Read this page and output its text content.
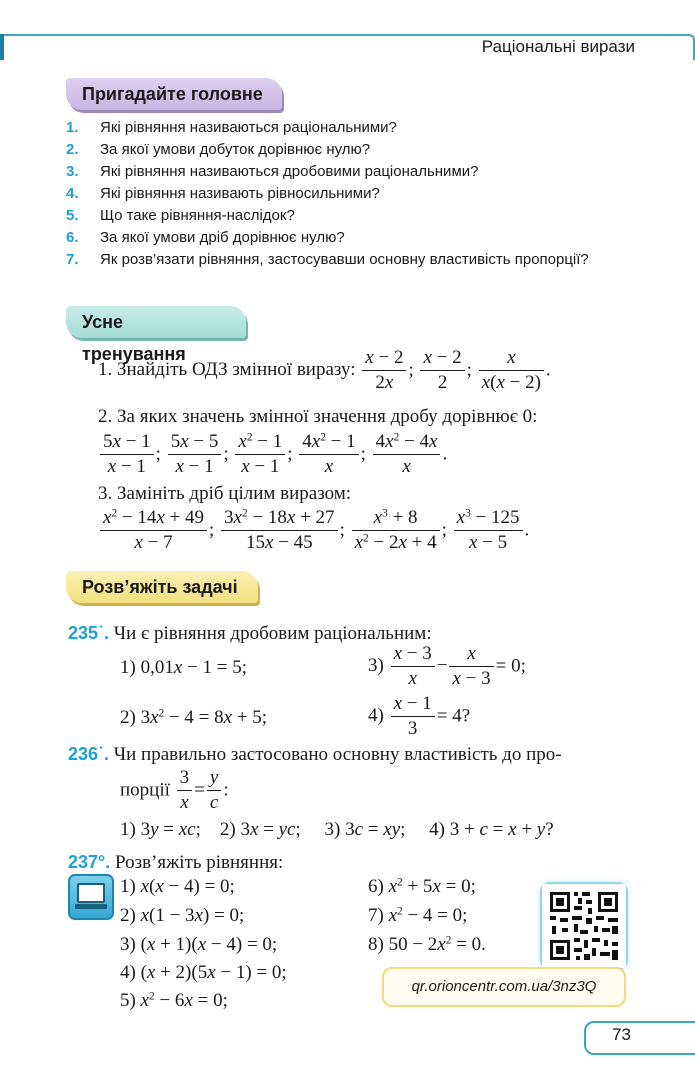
Раціональні вирази
Пригадайте головне
1. Які рівняння називаються раціональними?
2. За якої умови добуток дорівнює нулю?
3. Які рівняння називаються дробовими раціональними?
4. Які рівняння називають рівносильними?
5. Що таке рівняння-наслідок?
6. За якої умови дріб дорівнює нулю?
7. Як розв’язати рівняння, застосувавши основну властивість пропорції?
Усне тренування
1. Знайдіть ОДЗ змінної виразу: $\frac{x - 2}{2x}$ ; $\frac{x - 2}{2}$ ; $\frac{x}{x(x - 2)}$ .
2. За яких значень змінної значення дробу дорівнює 0:
$\frac{5x - 1}{x - 1}$ ; $\frac{5x - 5}{x - 1}$ ; $\frac{x^2 - 1}{x - 1}$ ; $\frac{4x^2 - 1}{x}$ ; $\frac{4x^2 - 4x}{x}$ .
3. Замініть дріб цілим виразом:
$\frac{x^2 - 14x + 49}{x - 7}$ ; $\frac{3x^2 - 18x + 27}{15x - 45}$ ; $\frac{x^3 + 8}{x^2 - 2x + 4}$ ; $\frac{x^3 - 125}{x - 5}$ .
Розв’яжіть задачі
235˙. Чи є рівняння дробовим раціональним:
1) 0,01x − 1 = 5;	$3) \frac{x - 3}{x} - \frac{x}{x - 3} = 0$;
2) $3x^2 - 4 = 8x + 5$;	$4) \frac{x - 1}{3} = 4$?
236˙. Чи правильно застосовано основну властивість до про-
порції $\frac{3}{x} = \frac{y}{c}$ :
1) 3y = xc;    2) 3x = yc;     3) 3c = xy;     4) 3 + c = x + y?
237°. Розв’яжіть рівняння:
1) x(x − 4) = 0;
2) x(1 − 3x) = 0;
3) (x + 1)(x − 4) = 0;
4) (x + 2)(5x − 1) = 0;
5) $x^2 - 6x = 0$;
6) $x^2 + 5x = 0$;
7) $x^2 - 4 = 0$;
8) $50 - 2x^2 = 0$.
qr.orioncentr.com.ua/3nz3Q
73
